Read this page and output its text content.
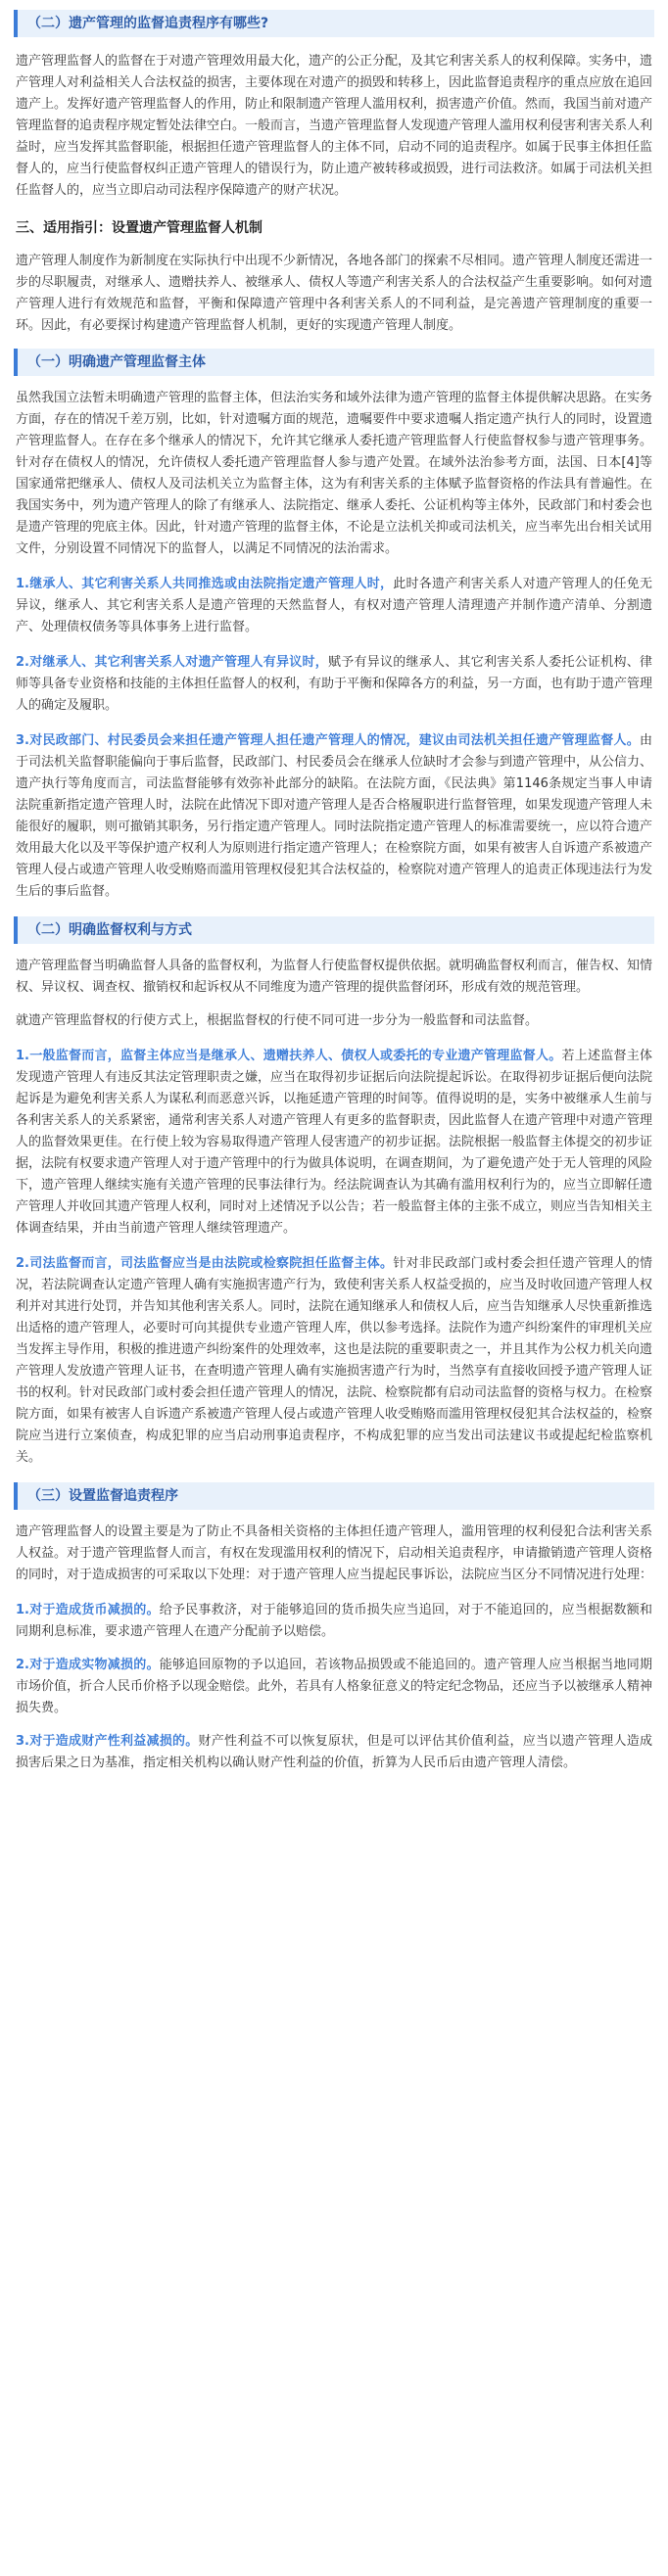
（二）遗产管理的监督追责程序有哪些?

遗产管理监督人的监督在于对遗产管理效用最大化，遗产的公正分配，及其它利害关系人的权利保障。实务中，遗产管理人对利益相关人合法权益的损害，主要体现在对遗产的损毁和转移上，因此监督追责程序的重点应放在追回遗产上。发挥好遗产管理监督人的作用，防止和限制遗产管理人滥用权利，损害遗产价值。然而，我国当前对遗产管理监督的追责程序规定暂处法律空白。一般而言，当遗产管理监督人发现遗产管理人滥用权利侵害利害关系人利益时，应当发挥其监督职能，根据担任遗产管理监督人的主体不同，启动不同的追责程序。如属于民事主体担任监督人的，应当行使监督权纠正遗产管理人的错误行为，防止遗产被转移或损毁，进行司法救济。如属于司法机关担任监督人的，应当立即启动司法程序保障遗产的财产状况。

三、适用指引：设置遗产管理监督人机制

遗产管理人制度作为新制度在实际执行中出现不少新情况，各地各部门的探索不尽相同。遗产管理人制度还需进一步的尽职履责，对继承人、遗赠扶养人、被继承人、债权人等遗产利害关系人的合法权益产生重要影响。如何对遗产管理人进行有效规范和监督，平衡和保障遗产管理中各利害关系人的不同利益，是完善遗产管理制度的重要一环。因此，有必要探讨构建遗产管理监督人机制，更好的实现遗产管理人制度。

（一）明确遗产管理监督主体

虽然我国立法暂未明确遗产管理的监督主体，但法治实务和域外法律为遗产管理的监督主体提供解决思路。在实务方面，存在的情况千差万别，比如，针对遗嘱方面的规范，遗嘱要件中要求遗嘱人指定遗产执行人的同时，设置遗产管理监督人。在存在多个继承人的情况下，允许其它继承人委托遗产管理监督人行使监督权参与遗产管理事务。针对存在债权人的情况，允许债权人委托遗产管理监督人参与遗产处置。在域外法治参考方面，法国、日本[4]等国家通常把继承人、债权人及司法机关立为监督主体，这为有利害关系的主体赋予监督资格的作法具有普遍性。在我国实务中，列为遗产管理人的除了有继承人、法院指定、继承人委托、公证机构等主体外，民政部门和村委会也是遗产管理的兜底主体。因此，针对遗产管理的监督主体，不论是立法机关抑或司法机关，应当率先出台相关试用文件，分别设置不同情况下的监督人，以满足不同情况的法治需求。

1.继承人、其它利害关系人共同推选或由法院指定遗产管理人时，此时各遗产利害关系人对遗产管理人的任免无异议，继承人、其它利害关系人是遗产管理的天然监督人，有权对遗产管理人清理遗产并制作遗产清单、分割遗产、处理债权债务等具体事务上进行监督。

2.对继承人、其它利害关系人对遗产管理人有异议时，赋予有异议的继承人、其它利害关系人委托公证机构、律师等具备专业资格和技能的主体担任监督人的权利，有助于平衡和保障各方的利益，另一方面，也有助于遗产管理人的确定及履职。

3.对民政部门、村民委员会来担任遗产管理人担任遗产管理人的情况，建议由司法机关担任遗产管理监督人。由于司法机关监督职能偏向于事后监督，民政部门、村民委员会在继承人位缺时才会参与到遗产管理中，从公信力、遗产执行等角度而言，司法监督能够有效弥补此部分的缺陷。在法院方面，《民法典》第1146条规定当事人申请法院重新指定遗产管理人时，法院在此情况下即对遗产管理人是否合格履职进行监督管理，如果发现遗产管理人未能很好的履职，则可撤销其职务，另行指定遗产管理人。同时法院指定遗产管理人的标准需要统一，应以符合遗产效用最大化以及平等保护遗产权利人为原则进行指定遗产管理人；在检察院方面，如果有被害人自诉遗产系被遗产管理人侵占或遗产管理人收受贿赂而滥用管理权侵犯其合法权益的，检察院对遗产管理人的追责正体现违法行为发生后的事后监督。

（二）明确监督权利与方式

遗产管理监督当明确监督人具备的监督权利，为监督人行使监督权提供依据。就明确监督权利而言，催告权、知情权、异议权、调查权、撤销权和起诉权从不同维度为遗产管理的提供监督闭环，形成有效的规范管理。

就遗产管理监督权的行使方式上，根据监督权的行使不同可进一步分为一般监督和司法监督。

1.一般监督而言，监督主体应当是继承人、遗赠扶养人、债权人或委托的专业遗产管理监督人。若上述监督主体发现遗产管理人有违反其法定管理职责之嫌，应当在取得初步证据后向法院提起诉讼。在取得初步证据后便向法院起诉是为避免利害关系人为谋私利而恶意兴诉，以拖延遗产管理的时间等。值得说明的是，实务中被继承人生前与各利害关系人的关系紧密，通常利害关系人对遗产管理人有更多的监督职责，因此监督人在遗产管理中对遗产管理人的监督效果更佳。在行使上较为容易取得遗产管理人侵害遗产的初步证据。法院根据一般监督主体提交的初步证据，法院有权要求遗产管理人对于遗产管理中的行为做具体说明，在调查期间，为了避免遗产处于无人管理的风险下，遗产管理人继续实施有关遗产管理的民事法律行为。经法院调查认为其确有滥用权利行为的，应当立即解任遗产管理人并收回其遗产管理人权利，同时对上述情况予以公告；若一般监督主体的主张不成立，则应当告知相关主体调查结果，并由当前遗产管理人继续管理遗产。

2.司法监督而言，司法监督应当是由法院或检察院担任监督主体。针对非民政部门或村委会担任遗产管理人的情况，若法院调查认定遗产管理人确有实施损害遗产行为，致使利害关系人权益受损的，应当及时收回遗产管理人权利并对其进行处罚，并告知其他利害关系人。同时，法院在通知继承人和债权人后，应当告知继承人尽快重新推选出适格的遗产管理人，必要时可向其提供专业遗产管理人库，供以参考选择。法院作为遗产纠纷案件的审理机关应当发挥主导作用，积极的推进遗产纠纷案件的处理效率，这也是法院的重要职责之一，并且其作为公权力机关向遗产管理人发放遗产管理人证书，在查明遗产管理人确有实施损害遗产行为时，当然享有直接收回授予遗产管理人证书的权利。针对民政部门或村委会担任遗产管理人的情况，法院、检察院都有启动司法监督的资格与权力。在检察院方面，如果有被害人自诉遗产系被遗产管理人侵占或遗产管理人收受贿赂而滥用管理权侵犯其合法权益的，检察院应当进行立案侦查，构成犯罪的应当启动刑事追责程序，不构成犯罪的应当发出司法建议书或提起纪检监察机关。

（三）设置监督追责程序

遗产管理监督人的设置主要是为了防止不具备相关资格的主体担任遗产管理人，滥用管理的权利侵犯合法利害关系人权益。对于遗产管理监督人而言，有权在发现滥用权利的情况下，启动相关追责程序，申请撤销遗产管理人资格的同时，对于造成损害的可采取以下处理：对于遗产管理人应当提起民事诉讼，法院应当区分不同情况进行处理：

1.对于造成货币减损的。给予民事救济，对于能够追回的货币损失应当追回，对于不能追回的，应当根据数额和同期利息标准，要求遗产管理人在遗产分配前予以赔偿。

2.对于造成实物减损的。能够追回原物的予以追回，若该物品损毁或不能追回的。遗产管理人应当根据当地同期市场价值，折合人民币价格予以现金赔偿。此外，若具有人格象征意义的特定纪念物品，还应当予以被继承人精神损失费。

3.对于造成财产性利益减损的。财产性利益不可以恢复原状，但是可以评估其价值利益，应当以遗产管理人造成损害后果之日为基准，指定相关机构以确认财产性利益的价值，折算为人民币后由遗产管理人清偿。
